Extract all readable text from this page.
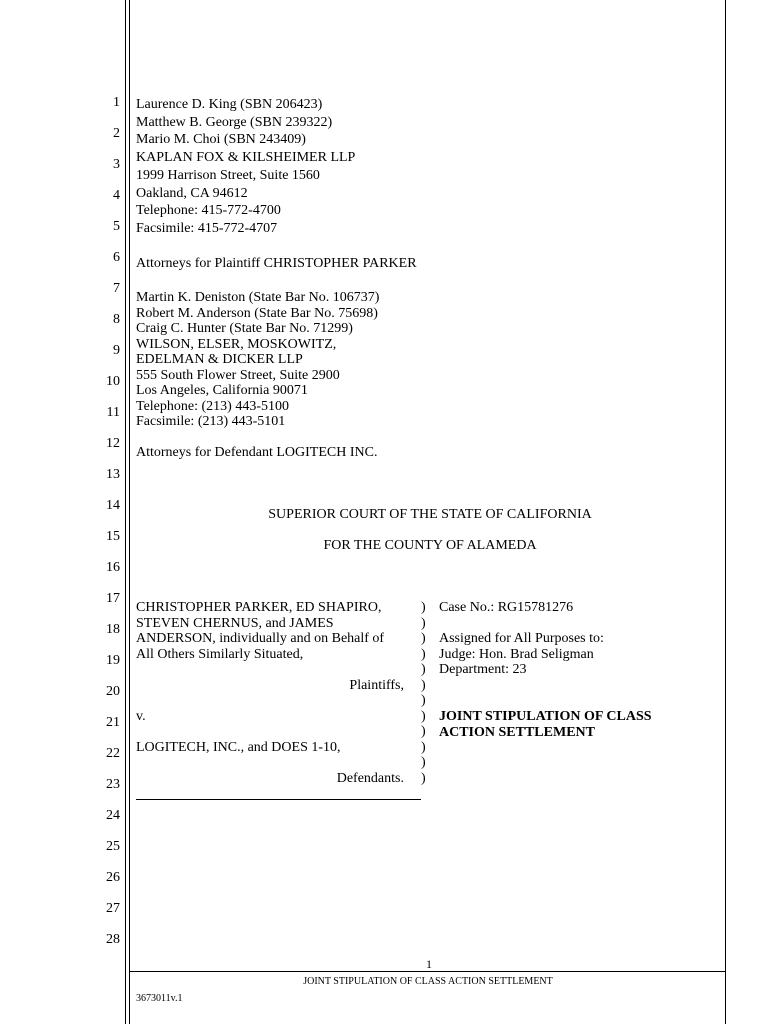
1
2
3
4
5
6
7
8
9
10
11
12
13
14
15
16
17
18
19
20
21
22
23
24
25
26
27
28
Laurence D. King (SBN 206423)
Matthew B. George (SBN 239322)
Mario M. Choi (SBN 243409)
KAPLAN FOX & KILSHEIMER LLP
1999 Harrison Street, Suite 1560
Oakland, CA 94612
Telephone: 415-772-4700
Facsimile: 415-772-4707
Attorneys for Plaintiff CHRISTOPHER PARKER
Martin K. Deniston (State Bar No. 106737)
Robert M. Anderson (State Bar No. 75698)
Craig C. Hunter (State Bar No. 71299)
WILSON, ELSER, MOSKOWITZ,
EDELMAN & DICKER LLP
555 South Flower Street, Suite 2900
Los Angeles, California 90071
Telephone: (213) 443-5100
Facsimile: (213) 443-5101
Attorneys for Defendant LOGITECH INC.
SUPERIOR COURT OF THE STATE OF CALIFORNIA
FOR THE COUNTY OF ALAMEDA
CHRISTOPHER PARKER, ED SHAPIRO,
STEVEN CHERNUS, and JAMES
ANDERSON, individually and on Behalf of
All Others Similarly Situated,
Plaintiffs,
v.
LOGITECH, INC., and DOES 1-10,
Defendants.
)
)
)
)
)
)
)
)
)
)
)
)
Case No.: RG15781276
Assigned for All Purposes to:
Judge: Hon. Brad Seligman
Department: 23
JOINT STIPULATION OF CLASS
ACTION SETTLEMENT
1
JOINT STIPULATION OF CLASS ACTION SETTLEMENT
3673011v.1
